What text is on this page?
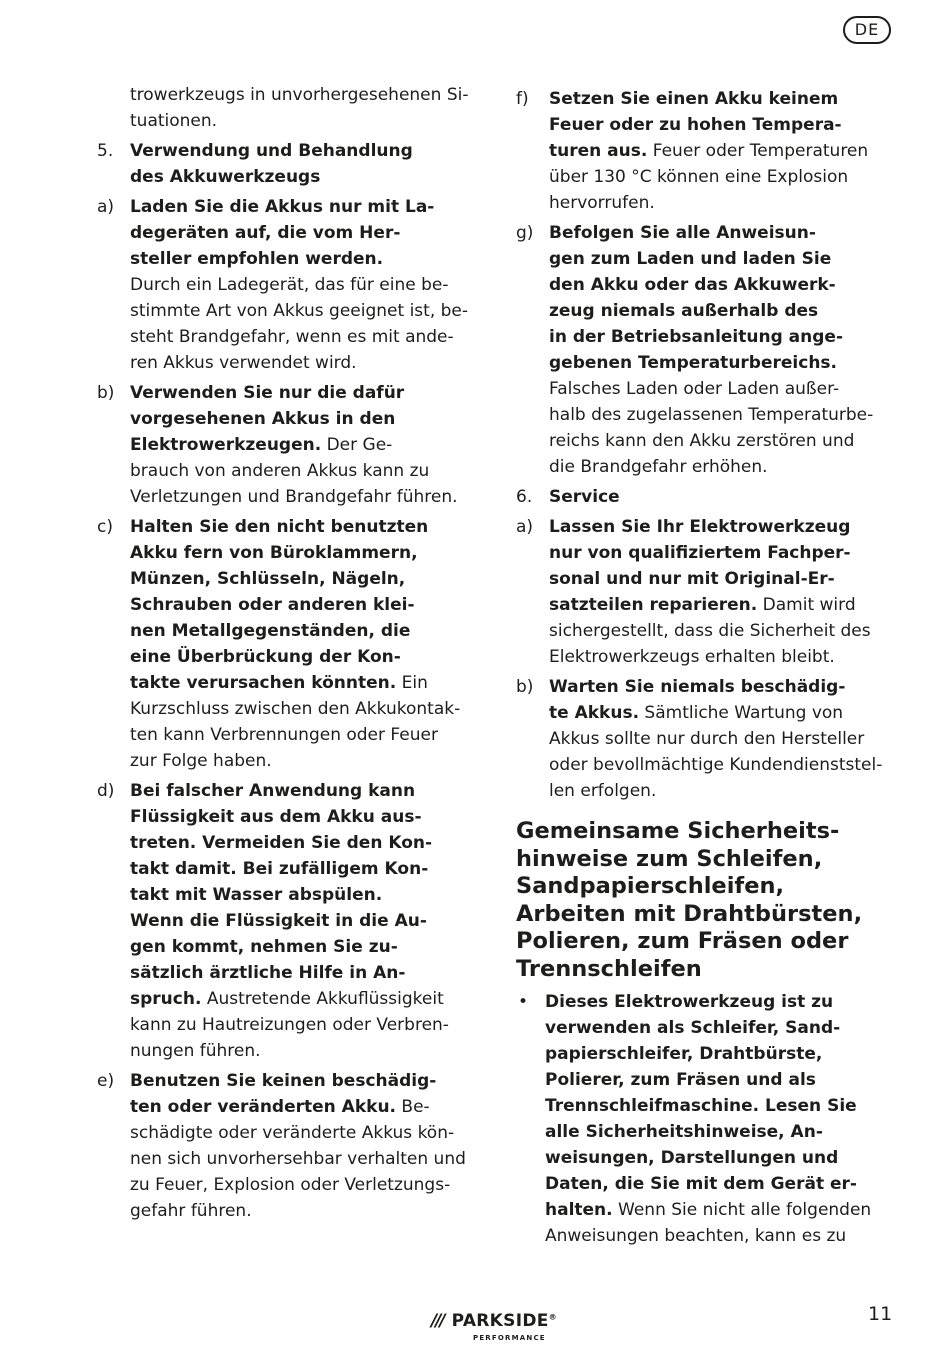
DE
trowerkzeugs in unvorhergesehenen Si-
tuationen.
5. Verwendung und Behandlung
des Akkuwerkzeugs
a) Laden Sie die Akkus nur mit La-
degeräten auf, die vom Her-
steller empfohlen werden.
Durch ein Ladegerät, das für eine be-
stimmte Art von Akkus geeignet ist, be-
steht Brandgefahr, wenn es mit ande-
ren Akkus verwendet wird.
b) Verwenden Sie nur die dafür
vorgesehenen Akkus in den
Elektrowerkzeugen. Der Ge-
brauch von anderen Akkus kann zu
Verletzungen und Brandgefahr führen.
c)	Halten Sie den nicht benutzten
Akku fern von Büroklammern,
Münzen, Schlüsseln, Nägeln,
Schrauben oder anderen klei-
nen Metallgegenständen, die
eine Überbrückung der Kon-
takte verursachen könnten. Ein
Kurzschluss zwischen den Akkukontak-
ten kann Verbrennungen oder Feuer
zur Folge haben.
d) Bei falscher Anwendung kann
Flüssigkeit aus dem Akku aus-
treten. Vermeiden Sie den Kon-
takt damit. Bei zufälligem Kon-
takt mit Wasser abspülen.
Wenn die Flüssigkeit in die Au-
gen kommt, nehmen Sie zu-
sätzlich ärztliche Hilfe in An-
spruch. Austretende Akkuflüssigkeit
kann zu Hautreizungen oder Verbren-
nungen führen.
e) Benutzen Sie keinen beschädig-
ten oder veränderten Akku. Be-
schädigte oder veränderte Akkus kön-
nen sich unvorhersehbar verhalten und
zu Feuer, Explosion oder Verletzungs-
gefahr führen.
f)	Setzen Sie einen Akku keinem
Feuer oder zu hohen Tempera-
turen aus. Feuer oder Temperaturen
über 130 °C können eine Explosion
hervorrufen.
g) Befolgen Sie alle Anweisun-
gen zum Laden und laden Sie
den Akku oder das Akkuwerk-
zeug niemals außerhalb des
in der Betriebsanleitung ange-
gebenen Temperaturbereichs.
Falsches Laden oder Laden außer-
halb des zugelassenen Temperaturbe-
reichs kann den Akku zerstören und
die Brandgefahr erhöhen.
6. Service
a) Lassen Sie Ihr Elektrowerkzeug
nur von qualifiziertem Fachper-
sonal und nur mit Original-Er-
satzteilen reparieren. Damit wird
sichergestellt, dass die Sicherheit des
Elektrowerkzeugs erhalten bleibt.
b) Warten Sie niemals beschädig-
te Akkus. Sämtliche Wartung von
Akkus sollte nur durch den Hersteller
oder bevollmächtige Kundendienststel-
len erfolgen.
Gemeinsame Sicherheits-
hinweise zum Schleifen,
Sandpapierschleifen,
Arbeiten mit Drahtbürsten,
Polieren, zum Fräsen oder
Trennschleifen
• Dieses Elektrowerkzeug ist zu
verwenden als Schleifer, Sand-
papierschleifer, Drahtbürste,
Polierer, zum Fräsen und als
Trennschleifmaschine. Lesen Sie
alle Sicherheitshinweise, An-
weisungen, Darstellungen und
Daten, die Sie mit dem Gerät er-
halten. Wenn Sie nicht alle folgenden
Anweisungen beachten, kann es zu
/// PARKSIDE®
PERFORMANCE
11
